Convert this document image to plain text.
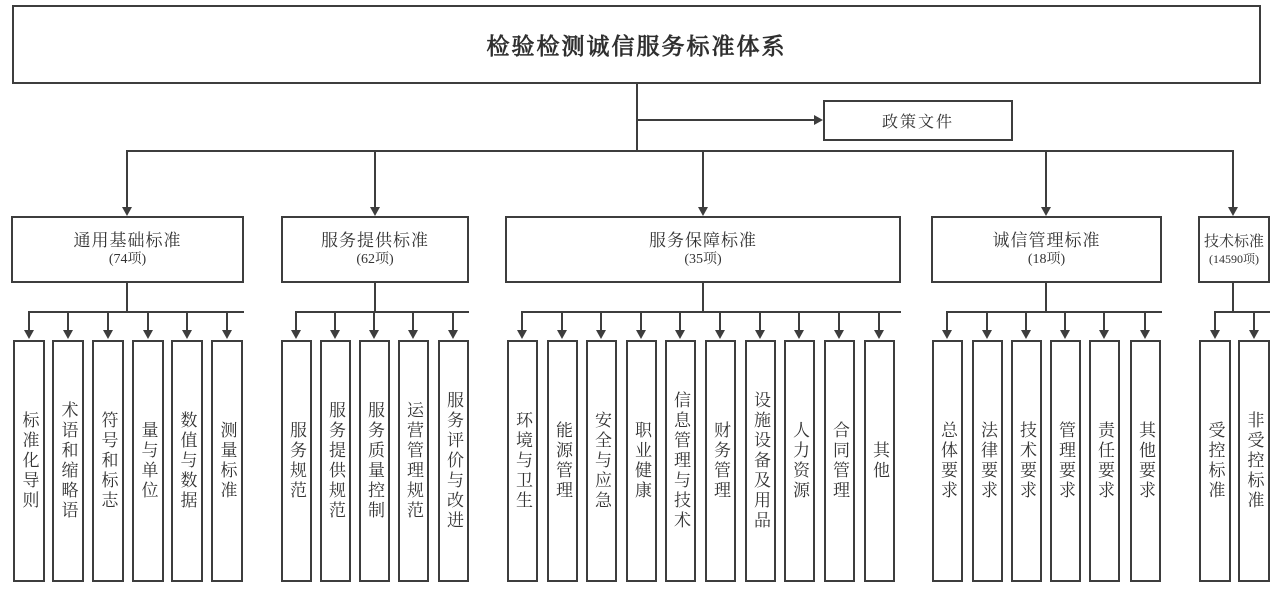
检验检测诚信服务标准体系
政策文件
通用基础标准
(74项)
服务提供标准
(62项)
服务保障标准
(35项)
诚信管理标准
(18项)
技术标准
(14590项)
标准化导则 术语和缩略语 符号和标志 量与单位 数值与数据 测量标准	服务规范 服务提供规范 服务质量控制 运营管理规范 服务评价与改进	环境与卫生 能源管理 安全与应急 职业健康 信息管理与技术 财务管理 设施设备及用品 人力资源 合同管理 其他	总体要求 法律要求 技术要求 管理要求 责任要求 其他要求	受控标准 非受控标准
